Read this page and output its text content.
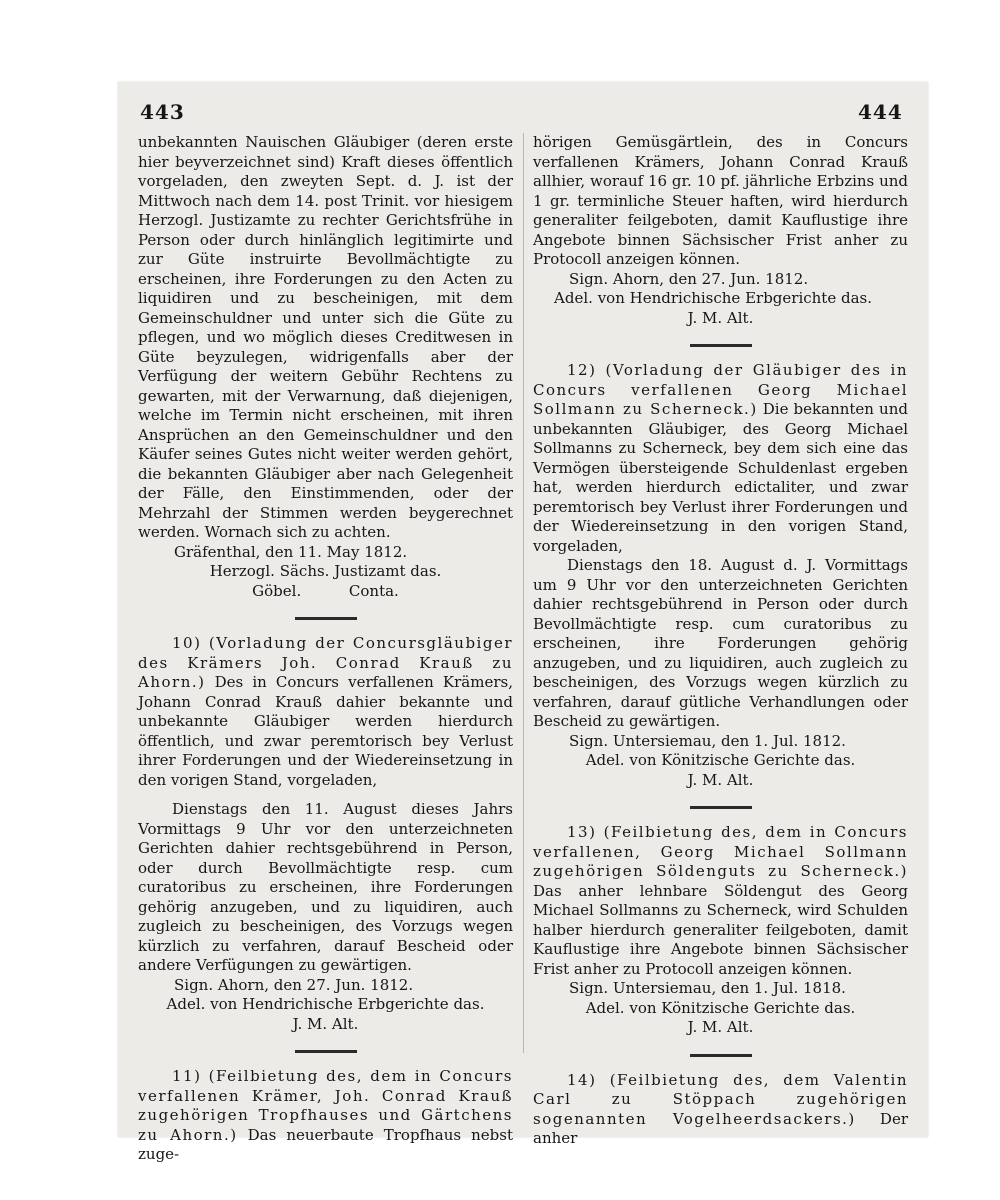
443	444

unbekannten Nauischen Gläubiger (deren erste hier beyverzeichnet sind) Kraft dieses öffentlich vorgeladen, den zweyten Sept. d. J. ist der Mittwoch nach dem 14. post Trinit. vor hiesigem Herzogl. Justizamte zu rechter Gerichtsfrühe in Person oder durch hinlänglich legitimirte und zur Güte instruirte Bevollmächtigte zu erscheinen, ihre Forderungen zu den Acten zu liquidiren und zu bescheinigen, mit dem Gemeinschuldner und unter sich die Güte zu pflegen, und wo möglich dieses Creditwesen in Güte beyzulegen, widrigenfalls aber der Verfügung der weitern Gebühr Rechtens zu gewarten, mit der Verwarnung, daß diejenigen, welche im Termin nicht erscheinen, mit ihren Ansprüchen an den Gemeinschuldner und den Käufer seines Gutes nicht weiter werden gehört, die bekannten Gläubiger aber nach Gelegenheit der Fälle, den Einstimmenden, oder der Mehrzahl der Stimmen werden beygerechnet werden. Wornach sich zu achten.

Gräfenthal, den 11. May 1812.

Herzogl. Sächs. Justizamt das.

Göbel.          Conta.

10) (Vorladung der Concursgläubiger des Krämers Joh. Conrad Krauß zu Ahorn.) Des in Concurs verfallenen Krämers, Johann Conrad Krauß dahier bekannte und unbekannte Gläubiger werden hierdurch öffentlich, und zwar peremtorisch bey Verlust ihrer Forderungen und der Wiedereinsetzung in den vorigen Stand, vorgeladen,

Dienstags den 11. August dieses Jahrs Vormittags 9 Uhr vor den unterzeichneten Gerichten dahier rechtsgebührend in Person, oder durch Bevollmächtigte resp. cum curatoribus zu erscheinen, ihre Forderungen gehörig anzugeben, und zu liquidiren, auch zugleich zu bescheinigen, des Vorzugs wegen kürzlich zu verfahren, darauf Bescheid oder andere Verfügungen zu gewärtigen.

Sign. Ahorn, den 27. Jun. 1812.

Adel. von Hendrichische Erbgerichte das.

J. M. Alt.

11) (Feilbietung des, dem in Concurs verfallenen Krämer, Joh. Conrad Krauß zugehörigen Tropfhauses und Gärtchens zu Ahorn.) Das neuerbaute Tropfhaus nebst zuge-

hörigen Gemüsgärtlein, des in Concurs verfallenen Krämers, Johann Conrad Krauß allhier, worauf 16 gr. 10 pf. jährliche Erbzins und 1 gr. terminliche Steuer haften, wird hierdurch generaliter feilgeboten, damit Kauflustige ihre Angebote binnen Sächsischer Frist anher zu Protocoll anzeigen können.

Sign. Ahorn, den 27. Jun. 1812.

Adel. von Hendrichische Erbgerichte das.

J. M. Alt.

12) (Vorladung der Gläubiger des in Concurs verfallenen Georg Michael Sollmann zu Scherneck.) Die bekannten und unbekannten Gläubiger, des Georg Michael Sollmanns zu Scherneck, bey dem sich eine das Vermögen übersteigende Schuldenlast ergeben hat, werden hierdurch edictaliter, und zwar peremtorisch bey Verlust ihrer Forderungen und der Wiedereinsetzung in den vorigen Stand, vorgeladen,

Dienstags den 18. August d. J. Vormittags um 9 Uhr vor den unterzeichneten Gerichten dahier rechtsgebührend in Person oder durch Bevollmächtigte resp. cum curatoribus zu erscheinen, ihre Forderungen gehörig anzugeben, und zu liquidiren, auch zugleich zu bescheinigen, des Vorzugs wegen kürzlich zu verfahren, darauf gütliche Verhandlungen oder Bescheid zu gewärtigen.

Sign. Untersiemau, den 1. Jul. 1812.

Adel. von Könitzische Gerichte das.

J. M. Alt.

13) (Feilbietung des, dem in Concurs verfallenen, Georg Michael Sollmann zugehörigen Söldenguts zu Scherneck.) Das anher lehnbare Söldengut des Georg Michael Sollmanns zu Scherneck, wird Schulden halber hierdurch generaliter feilgeboten, damit Kauflustige ihre Angebote binnen Sächsischer Frist anher zu Protocoll anzeigen können.

Sign. Untersiemau, den 1. Jul. 1818.

Adel. von Könitzische Gerichte das.

J. M. Alt.

14) (Feilbietung des, dem Valentin Carl zu Stöppach zugehörigen sogenannten Vogelheerdsackers.) Der anher
